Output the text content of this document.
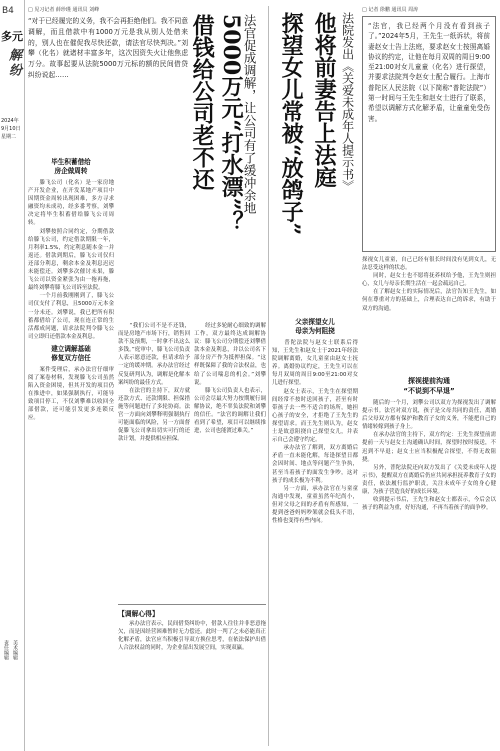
B4
多元
解纷
2024年
9月10日
星期二
责任编辑 美术编辑
□ 见习记者 薛珍瑾 通讯员 刘峰

“对于已经履完的义务，我不会再拒绝他们。我不同意调解，而且借款中有1000万元是我从别人处借来的，别人也在催促我尽快还款，请法官尽快判决。”刘攀（化名）就诸材丰富多年，这次因资失火让他焦虑万分。故事起要从法院5000万元标的额的民间借贷纠纷说起……	法官促成调解，让公司有了缓冲余地
5000万元“打水漂”？
借钱给公司老不还
毕生积蓄借给
房企做周转

　　滕飞公司（化名）是一家房地产开发企业，在开发某地产项目中因期资金周转出现困难，多方寻求融资均未成功，经多番考察，刘攀决定将毕生积蓄借给滕飞公司周转。

　　刘攀按照合同约定，分期借款给滕飞公司，约定借款期限一年，月利率1.5%，约定利息随本金一并返还。借款到期后，滕飞公司仅归还部分利息，剩余本金及利息迟迟未能偿还。刘攀多次催讨未果，滕飞公司以资金紧张为由一拖再拖，最终刘攀将滕飞公司诉至法院。

　　一个月前我刚刚到了，滕飞公司仅支付了利息，且5000万元本金一分未还。刘攀说，我已把所有积蓄都借给了公司，现在连正常的生活都成问题，请求法院判令滕飞公司立即归还借款本金及利息。

建立调解基础
修复双方信任

　　案件受理后，承办法官仔细审阅了案卷材料，发现滕飞公司虽然陷入资金困境，但其开发的项目仍在推进中，如果强制执行，可能导致项目停工，不仅刘攀难以收回全部借款，还可能引发更多连锁反应。

　　“我们公司不是不还钱，而是房地产市场下行，销售回款不及预期，一时拿不出这么多钱。”庭审中，滕飞公司负责人表示愿意还款，但请求给予一定的缓冲期。承办法官经过反复研判认为，调解是化解本案纠纷的最佳方式。

　　在法官的主持下，双方就还款方式、还款期限、担保措施等问题进行了多轮协商。法官一方面向刘攀释明强制执行可能面临的风险，另一方面督促滕飞公司拿出切实可行的还款计划，并提供相应担保。

　　经过多轮耐心细致的调解工作，双方最终达成调解协议：滕飞公司分期偿还刘攀借款本金及利息，并以公司名下部分房产作为抵押担保。“这样既保障了我的合法权益，也给了公司喘息的机会。”刘攀说。

　　滕飞公司负责人也表示，公司会尽最大努力按期履行调解协议，绝不辜负法院和刘攀的信任。“法官的调解让我们看到了希望，项目可以继续推进，公司也能渡过难关。”

【调解心得】

　　承办法官表示，民间借贷纠纷中，借款人往往并非恶意拖欠，而是因经营困难暂时无力偿还。此时一判了之未必能真正化解矛盾，法官应当积极引导双方换位思考，在依法保护出借人合法权益的同时，为企业留出发展空间，实现双赢。

法院发出《关爱未成年人提示书》
他将前妻告上法庭
探望女儿常被“放鸽子”
□ 记者 徐鹏 通讯员 周涛

“法官，我已经两个月没有看到孩子了。”2024年5月，王先生一纸诉状，将前妻赵女士告上法庭，要求赵女士按照离婚协议的约定，让他在每月双周的周日9:00至21:00对女儿童童（化名）进行探望，并要求法院判令赵女士配合履行。上海市普陀区人民法院（以下简称“普陀法院”）第一时间与王先生和赵女士进行了联系，希望以调解方式化解矛盾，让童童免受伤害。

父亲探望女儿
母亲为何阻挠

　　普陀法院与赵女士联系后得知，王先生和赵女士于2021年经法院调解离婚，女儿童童由赵女士抚养。离婚协议约定，王先生可以在每月双周的周日9:00至21:00对女儿进行探望。

　　赵女士表示，王先生在探望期间经常不按时送回孩子，甚至有时带孩子去一些不适合的场所，她担心孩子的安全，才拒绝了王先生的探望请求。而王先生则认为，赵女士是故意阻挠自己探望女儿，并表示自己会遵守约定。

　　承办法官了解到，双方离婚后矛盾一直未能化解，每逢探望日都会因时间、地点等问题产生争执，甚至当着孩子的面发生争吵，这对孩子的成长极为不利。

　　另一方面，承办法官在与童童沟通中发现，童童虽然年纪尚小，但对父母之间的矛盾有所感知，一提到爸爸妈妈吵架就会低头不语，性格也变得有些内向。

探视女儿童童，自己已经有很长时间没有见到女儿，无法忍受这样的状态。

　　同时，赵女士也不愿将抚养权给予他，王先生则担心，女儿与母亲长期生活在一起会疏远自己。

　　在了解赵女士的实际情况后，法官告知王先生，如何在尊重对方的基础上，合理表达自己的诉求，有助于双方的沟通。

探视提前沟通
“不说到不早退”

　　随后的一个月，刘攀公司以双方为探视发出了调解提示书。法官对双方说，孩子是父母共同的责任，离婚后父母双方都有保护和教育子女的义务，不能把自己的情绪转嫁到孩子身上。

　　在承办法官的主持下，双方约定：王先生探望前需提前一天与赵女士沟通确认时间，探望时按时接送，不迟到不早退；赵女士应当积极配合探望，不得无故阻挠。

　　另外，普陀法院还向双方发出了《关爱未成年人提示书》，提醒双方在离婚后仍应共同承担抚养教育子女的责任，依法履行监护职责，关注未成年子女的身心健康，为孩子营造良好的成长环境。

　　收到提示书后，王先生和赵女士都表示，今后会以孩子的利益为重，好好沟通，不再当着孩子的面争吵。
